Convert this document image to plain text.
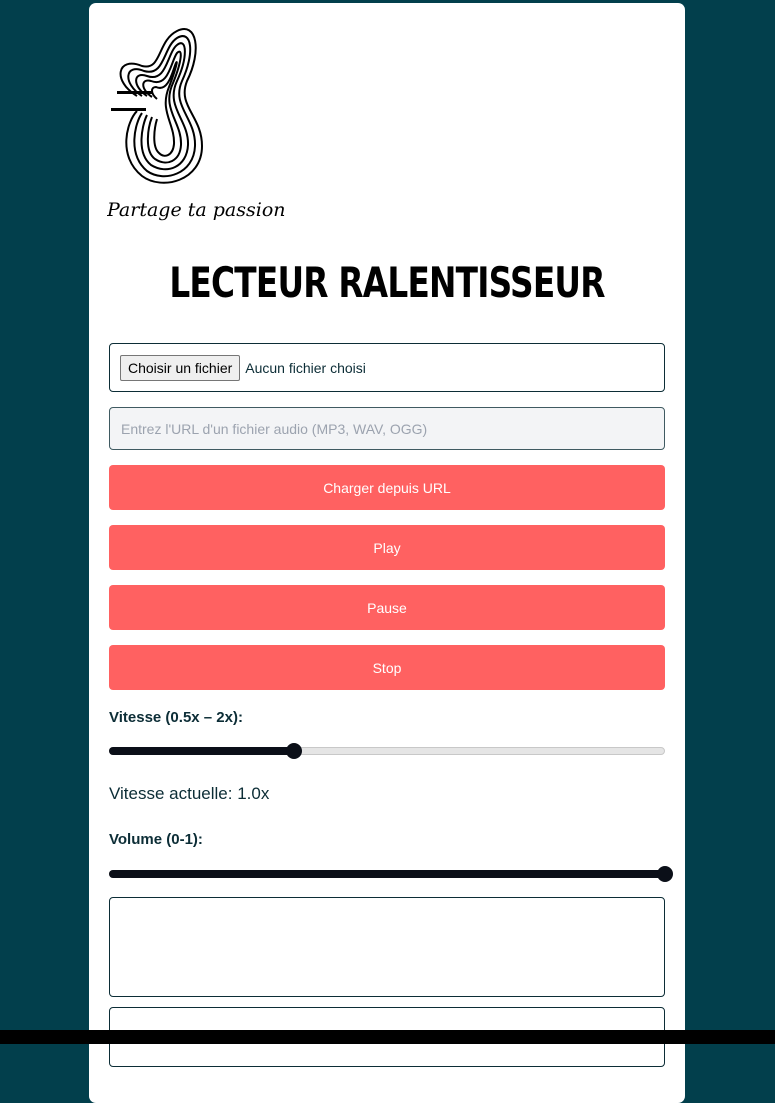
Partage ta passion
LECTEUR RALENTISSEUR
Choisir un fichier Aucun fichier choisi
Entrez l'URL d'un fichier audio (MP3, WAV, OGG)
Charger depuis URL
Play
Pause
Stop
Vitesse (0.5x – 2x):
Vitesse actuelle: 1.0x
Volume (0-1):
